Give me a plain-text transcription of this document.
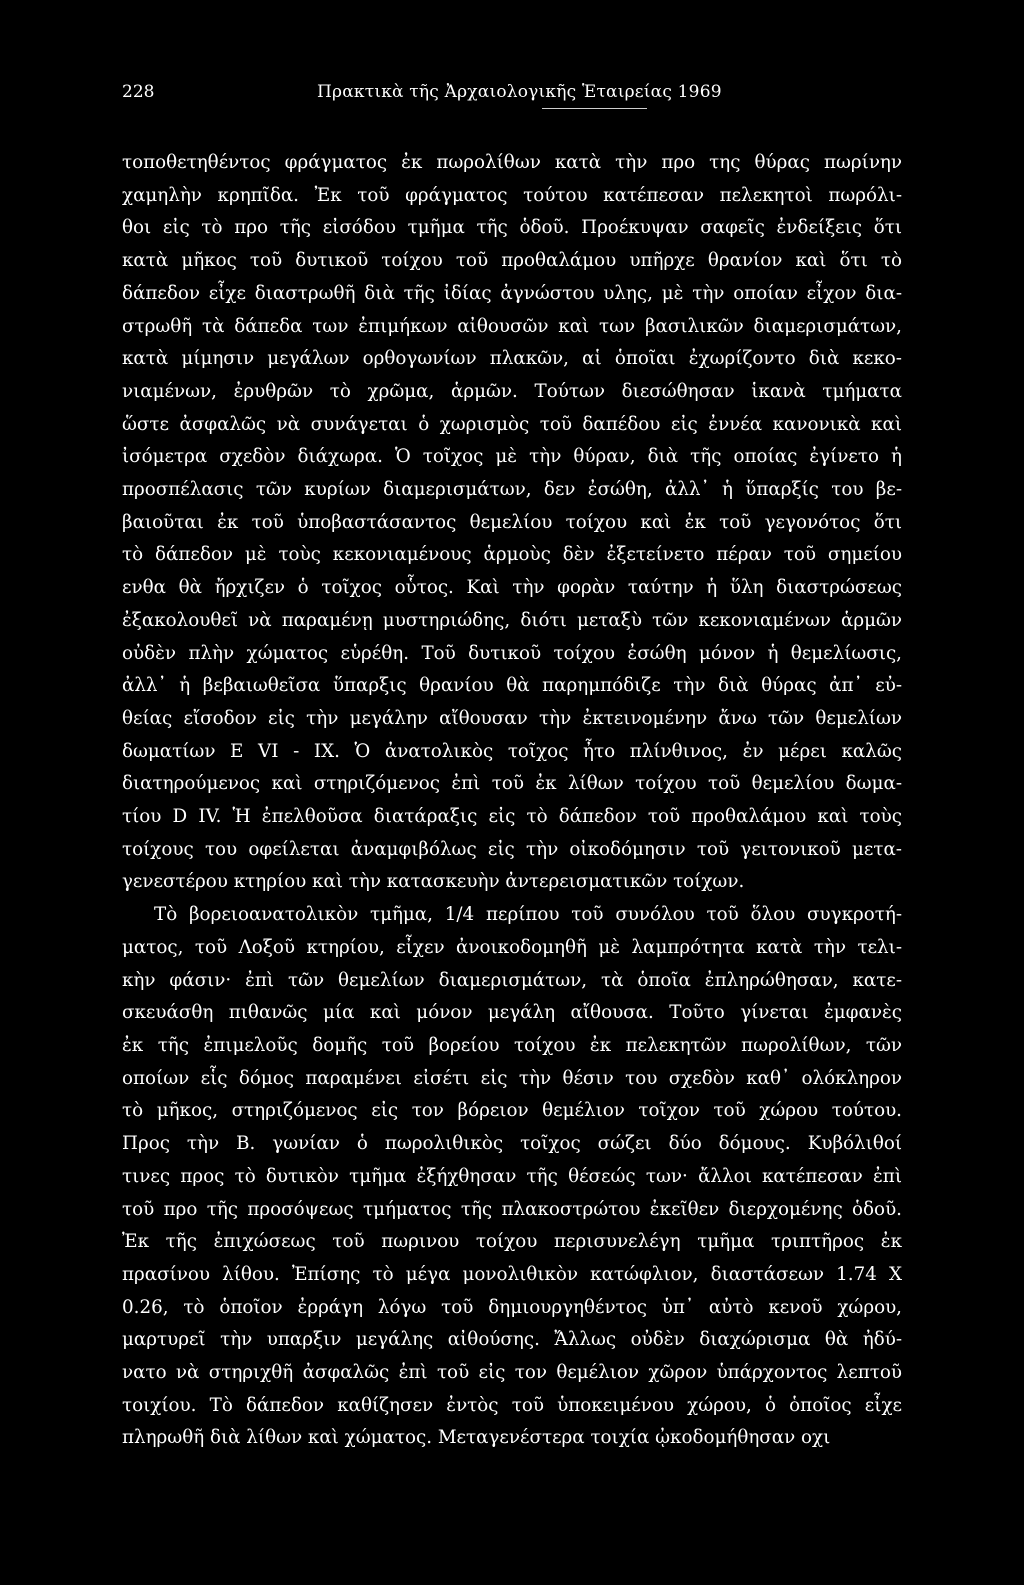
228	Πρακτικὰ τῆς Ἀρχαιολογικῆς Ἑταιρείας 1969
τοποθετηθέντος φράγματος ἐκ πωρολίθων κατὰ τὴν προ της θύρας πωρίνην
χαμηλὴν κρηπῖδα. Ἐκ τοῦ φράγματος τούτου κατέπεσαν πελεκητοὶ πωρόλι-
θοι εἰς τὸ προ τῆς εἰσόδου τμῆμα τῆς ὁδοῦ. Προέκυψαν σαφεῖς ἐνδείξεις ὅτι
κατὰ μῆκος τοῦ δυτικοῦ τοίχου τοῦ προθαλάμου υπῆρχε θρανίον καὶ ὅτι τὸ
δάπεδον εἶχε διαστρωθῆ διὰ τῆς ἰδίας ἀγνώστου υλης, μὲ τὴν οποίαν εἶχον δια-
στρωθῆ τὰ δάπεδα των ἐπιμήκων αἰθουσῶν καὶ των βασιλικῶν διαμερισμάτων,
κατὰ μίμησιν μεγάλων ορθογωνίων πλακῶν, αἱ ὁποῖαι ἐχωρίζοντο διὰ κεκο-
νιαμένων, ἐρυθρῶν τὸ χρῶμα, ἁρμῶν. Τούτων διεσώθησαν ἱκανὰ τμήματα
ὥστε ἀσφαλῶς νὰ συνάγεται ὁ χωρισμὸς τοῦ δαπέδου εἰς ἐννέα κανονικὰ καὶ
ἰσόμετρα σχεδὸν διάχωρα. Ὁ τοῖχος μὲ τὴν θύραν, διὰ τῆς οποίας ἐγίνετο ἡ
προσπέλασις τῶν κυρίων διαμερισμάτων, δεν ἐσώθη, ἀλλ᾽ ἡ ὕπαρξίς του βε-
βαιοῦται ἐκ τοῦ ὑποβαστάσαντος θεμελίου τοίχου καὶ ἐκ τοῦ γεγονότος ὅτι
τὸ δάπεδον μὲ τοὺς κεκονιαμένους ἁρμοὺς δὲν ἐξετείνετο πέραν τοῦ σημείου
ενθα θὰ ἤρχιζεν ὁ τοῖχος οὗτος. Καὶ τὴν φορὰν ταύτην ἡ ὕλη διαστρώσεως
ἐξακολουθεῖ νὰ παραμένῃ μυστηριώδης, διότι μεταξὺ τῶν κεκονιαμένων ἁρμῶν
οὐδὲν πλὴν χώματος εὑρέθη. Τοῦ δυτικοῦ τοίχου ἐσώθη μόνον ἡ θεμελίωσις,
ἀλλ᾽ ἡ βεβαιωθεῖσα ὕπαρξις θρανίου θὰ παρημπόδιζε τὴν διὰ θύρας ἀπ᾽ εὐ-
θείας εἴσοδον εἰς τὴν μεγάλην αἴθουσαν τὴν ἐκτεινομένην ἄνω τῶν θεμελίων
δωματίων E VI - IX. Ὁ ἀνατολικὸς τοῖχος ἦτο πλίνθινος, ἐν μέρει καλῶς
διατηρούμενος καὶ στηριζόμενος ἐπὶ τοῦ ἐκ λίθων τοίχου τοῦ θεμελίου δωμα-
τίου D IV. Ἡ ἐπελθοῦσα διατάραξις εἰς τὸ δάπεδον τοῦ προθαλάμου καὶ τοὺς
τοίχους του οφείλεται ἀναμφιβόλως εἰς τὴν οἰκοδόμησιν τοῦ γειτονικοῦ μετα-
γενεστέρου κτηρίου καὶ τὴν κατασκευὴν ἀντερεισματικῶν τοίχων.
Τὸ βορειοανατολικὸν τμῆμα, 1/4 περίπου τοῦ συνόλου τοῦ ὅλου συγκροτή-
ματος, τοῦ Λοξοῦ κτηρίου, εἶχεν ἀνοικοδομηθῆ μὲ λαμπρότητα κατὰ τὴν τελι-
κὴν φάσιν· ἐπὶ τῶν θεμελίων διαμερισμάτων, τὰ ὁποῖα ἐπληρώθησαν, κατε-
σκευάσθη πιθανῶς μία καὶ μόνον μεγάλη αἴθουσα. Τοῦτο γίνεται ἐμφανὲς
ἐκ τῆς ἐπιμελοῦς δομῆς τοῦ βορείου τοίχου ἐκ πελεκητῶν πωρολίθων, τῶν
οποίων εἷς δόμος παραμένει εἰσέτι εἰς τὴν θέσιν του σχεδὸν καθ᾽ ολόκληρον
τὸ μῆκος, στηριζόμενος εἰς τον βόρειον θεμέλιον τοῖχον τοῦ χώρου τούτου.
Προς τὴν B. γωνίαν ὁ πωρολιθικὸς τοῖχος σώζει δύο δόμους. Κυβόλιθοί
τινες προς τὸ δυτικὸν τμῆμα ἐξήχθησαν τῆς θέσεώς των· ἄλλοι κατέπεσαν ἐπὶ
τοῦ προ τῆς προσόψεως τμήματος τῆς πλακοστρώτου ἐκεῖθεν διερχομένης ὁδοῦ.
Ἐκ τῆς ἐπιχώσεως τοῦ πωρινου τοίχου περισυνελέγη τμῆμα τριπτῆρος ἐκ
πρασίνου λίθου. Ἐπίσης τὸ μέγα μονολιθικὸν κατώφλιον, διαστάσεων 1.74 X
0.26, τὸ ὁποῖον ἐρράγη λόγω τοῦ δημιουργηθέντος ὑπ᾽ αὐτὸ κενοῦ χώρου,
μαρτυρεῖ τὴν υπαρξιν μεγάλης αἰθούσης. Ἄλλως οὐδὲν διαχώρισμα θὰ ἠδύ-
νατο νὰ στηριχθῆ ἀσφαλῶς ἐπὶ τοῦ εἰς τον θεμέλιον χῶρον ὑπάρχοντος λεπτοῦ
τοιχίου. Τὸ δάπεδον καθίζησεν ἐντὸς τοῦ ὑποκειμένου χώρου, ὁ ὁποῖος εἶχε
πληρωθῆ διὰ λίθων καὶ χώματος. Μεταγενέστερα τοιχία ᾠκοδομήθησαν οχι
